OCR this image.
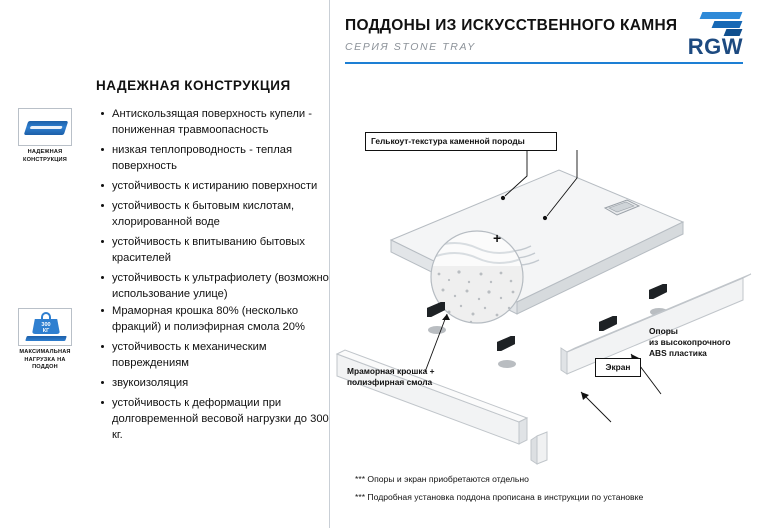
НАДЕЖНАЯ КОНСТРУКЦИЯ
НАДЕЖНАЯ
КОНСТРУКЦИЯ
300
КГ
МАКСИМАЛЬНАЯ
НАГРУЗКА НА ПОДДОН
Антискользящая поверхность купели - пониженная травмоопасность
низкая теплопроводность - теплая поверхность
устойчивость к истиранию поверхности
устойчивость к бытовым кислотам, хлорированной воде
устойчивость к впитыванию бытовых красителей
устойчивость к ультрафиолету (возможно использование улице)
Мраморная крошка 80% (несколько фракций) и полиэфирная смола 20%
устойчивость к механическим повреждениям
звукоизоляция
устойчивость к деформации при долговременной весовой нагрузки до 300 кг.
ПОДДОНЫ ИЗ ИСКУССТВЕННОГО КАМНЯ
СЕРИЯ STONE TRAY	RGW
Гелькоут-текстура каменной породы
Мраморная крошка +
полиэфирная смола
Экран
Опоры
из высокопрочного
ABS пластика
+
*** Опоры и экран приобретаются отдельно
*** Подробная установка поддона прописана в инструкции по установке
